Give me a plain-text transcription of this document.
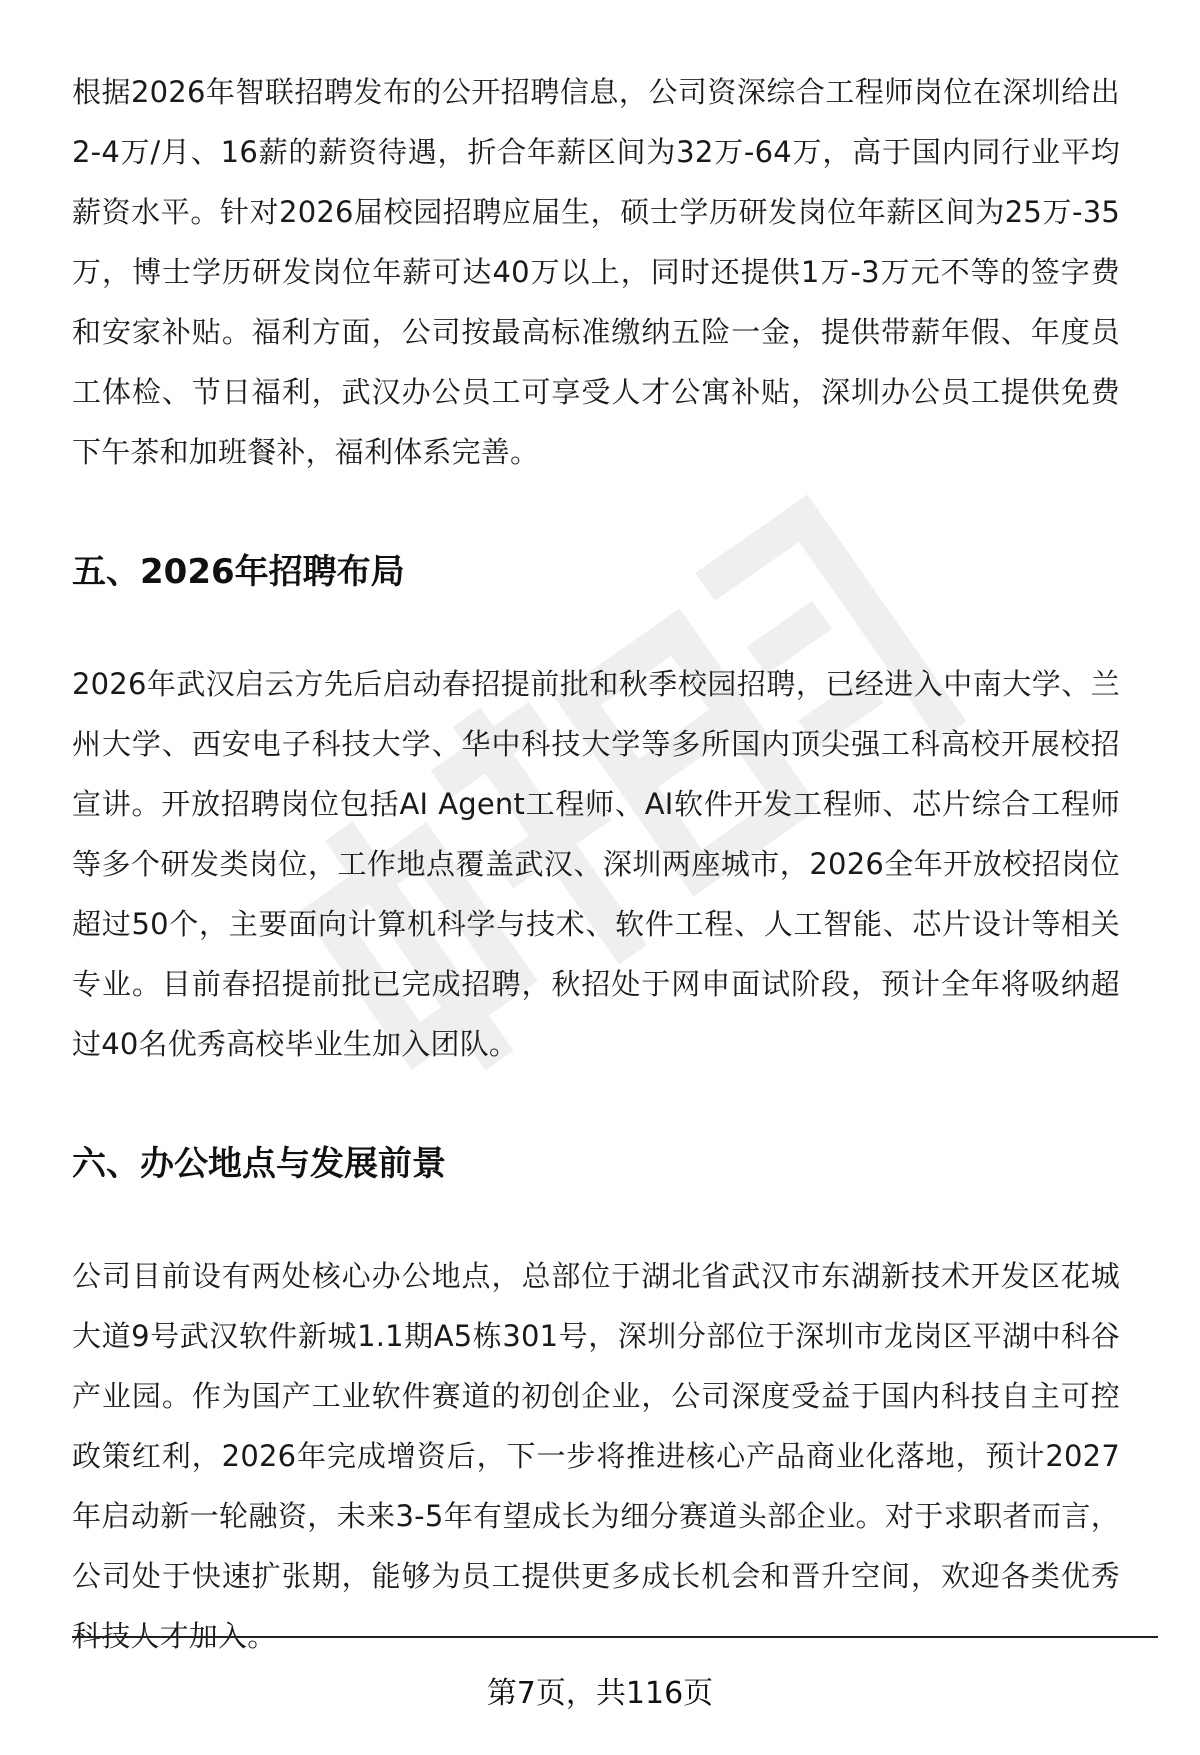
根据2026年智联招聘发布的公开招聘信息，公司资深综合工程师岗位在深圳给出2-4万/月、16薪的薪资待遇，折合年薪区间为32万-64万，高于国内同行业平均薪资水平。针对2026届校园招聘应届生，硕士学历研发岗位年薪区间为25万-35万，博士学历研发岗位年薪可达40万以上，同时还提供1万-3万元不等的签字费和安家补贴。福利方面，公司按最高标准缴纳五险一金，提供带薪年假、年度员工体检、节日福利，武汉办公员工可享受人才公寓补贴，深圳办公员工提供免费下午茶和加班餐补，福利体系完善。

五、2026年招聘布局

2026年武汉启云方先后启动春招提前批和秋季校园招聘，已经进入中南大学、兰州大学、西安电子科技大学、华中科技大学等多所国内顶尖强工科高校开展校招宣讲。开放招聘岗位包括AI Agent工程师、AI软件开发工程师、芯片综合工程师等多个研发类岗位，工作地点覆盖武汉、深圳两座城市，2026全年开放校招岗位超过50个，主要面向计算机科学与技术、软件工程、人工智能、芯片设计等相关专业。目前春招提前批已完成招聘，秋招处于网申面试阶段，预计全年将吸纳超过40名优秀高校毕业生加入团队。

六、办公地点与发展前景

公司目前设有两处核心办公地点，总部位于湖北省武汉市东湖新技术开发区花城大道9号武汉软件新城1.1期A5栋301号，深圳分部位于深圳市龙岗区平湖中科谷产业园。作为国产工业软件赛道的初创企业，公司深度受益于国内科技自主可控政策红利，2026年完成增资后，下一步将推进核心产品商业化落地，预计2027年启动新一轮融资，未来3-5年有望成长为细分赛道头部企业。对于求职者而言，公司处于快速扩张期，能够为员工提供更多成长机会和晋升空间，欢迎各类优秀科技人才加入。

第7页，共116页
